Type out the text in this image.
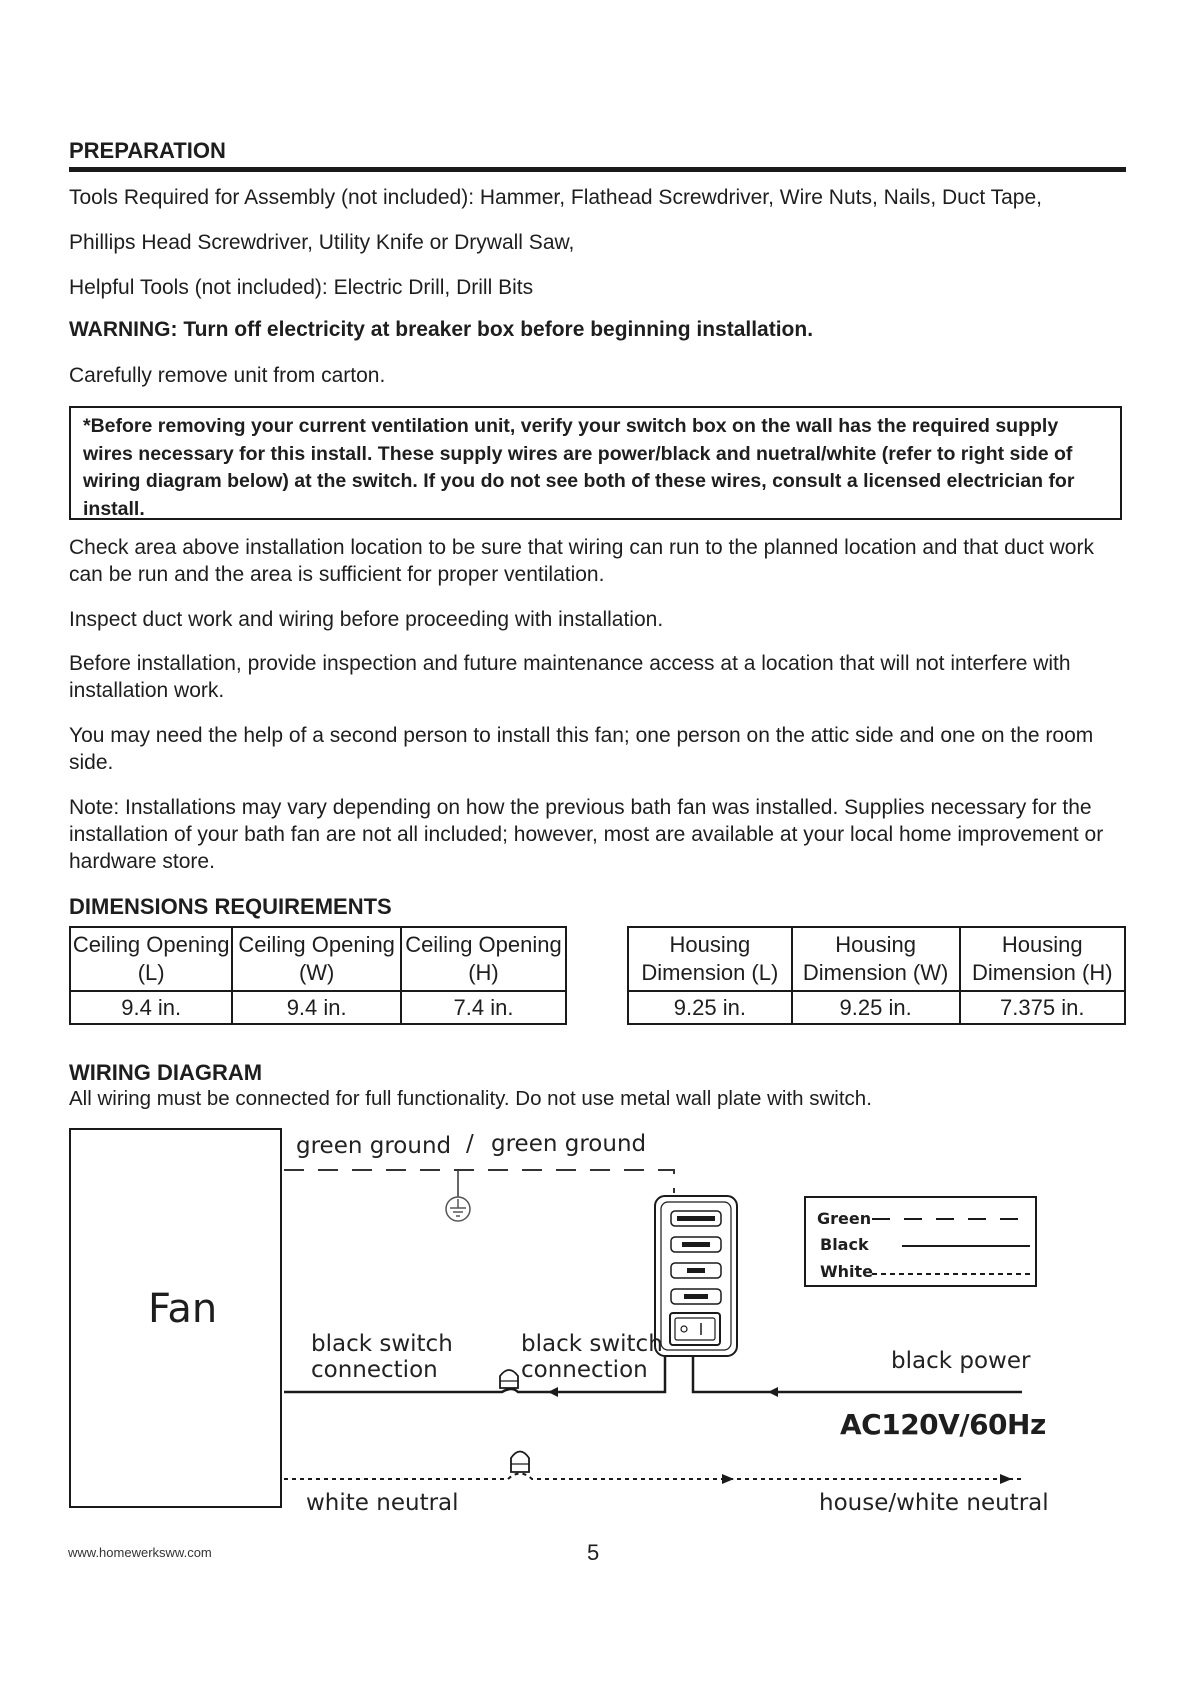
PREPARATION
Tools Required for Assembly (not included): Hammer, Flathead Screwdriver, Wire Nuts, Nails, Duct Tape,
Phillips Head Screwdriver, Utility Knife or Drywall Saw,
Helpful Tools (not included): Electric Drill, Drill Bits
WARNING: Turn off electricity at breaker box before beginning installation.
Carefully remove unit from carton.
*Before removing your current ventilation unit, verify your switch box on the wall has the required supply wires necessary for this install. These supply wires are power/black and nuetral/white (refer to right side of wiring diagram below) at the switch. If you do not see both of these wires, consult a licensed electrician for install.
Check area above installation location to be sure that wiring can run to the planned location and that duct work can be run and the area is sufficient for proper ventilation.
Inspect duct work and wiring before proceeding with installation.
Before installation, provide inspection and future maintenance access at a location that will not interfere with installation work.
You may need the help of a second person to install this fan; one person on the attic side and one on the room side.
Note: Installations may vary depending on how the previous bath fan was installed. Supplies necessary for the installation of your bath fan are not all included; however, most are available at your local home improvement or hardware store.
DIMENSIONS REQUIREMENTS
Ceiling Opening (L)	Ceiling Opening (W)	Ceiling Opening (H)
9.4 in.	9.4 in.	7.4 in.
Housing Dimension (L)	Housing Dimension (W)	Housing Dimension (H)
9.25 in.	9.25 in.	7.375 in.
WIRING DIAGRAM
All wiring must be connected for full functionality. Do not use metal wall plate with switch.
Fan
green ground / green ground
black switch
connection
black switch
connection	black power
AC120V/60Hz
white neutral	house/white neutral
Green
Black
White
www.homewerksww.com	5
